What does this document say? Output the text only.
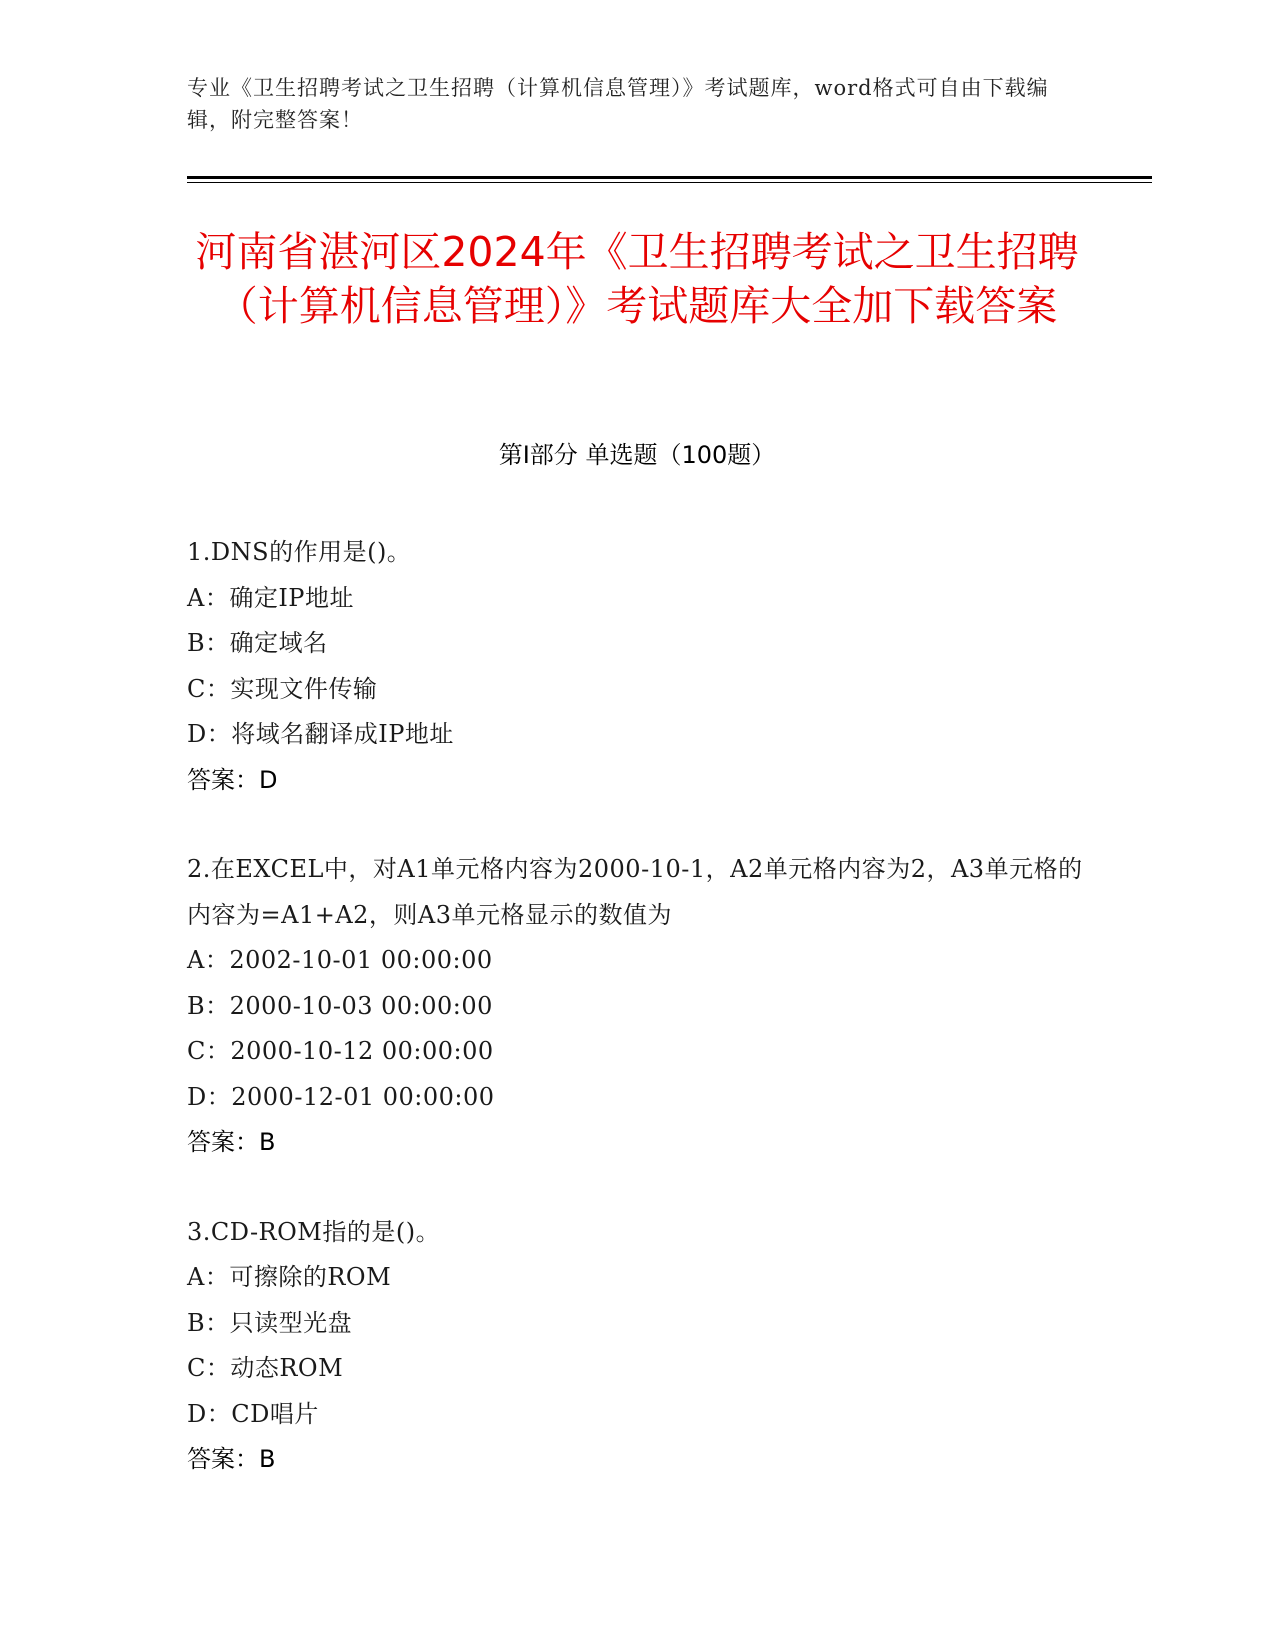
专业《卫生招聘考试之卫生招聘（计算机信息管理）》考试题库，word格式可自由下载编辑，附完整答案！
河南省湛河区2024年《卫生招聘考试之卫生招聘（计算机信息管理）》考试题库大全加下载答案
第Ⅰ部分 单选题（100题）
1.DNS的作用是()。
A：确定IP地址
B：确定域名
C：实现文件传输
D：将域名翻译成IP地址
答案：D
2.在EXCEL中，对A1单元格内容为2000-10-1，A2单元格内容为2，A3单元格的内容为=A1+A2，则A3单元格显示的数值为
A：2002-10-01 00:00:00
B：2000-10-03 00:00:00
C：2000-10-12 00:00:00
D：2000-12-01 00:00:00
答案：B
3.CD-ROM指的是()。
A：可擦除的ROM
B：只读型光盘
C：动态ROM
D：CD唱片
答案：B
